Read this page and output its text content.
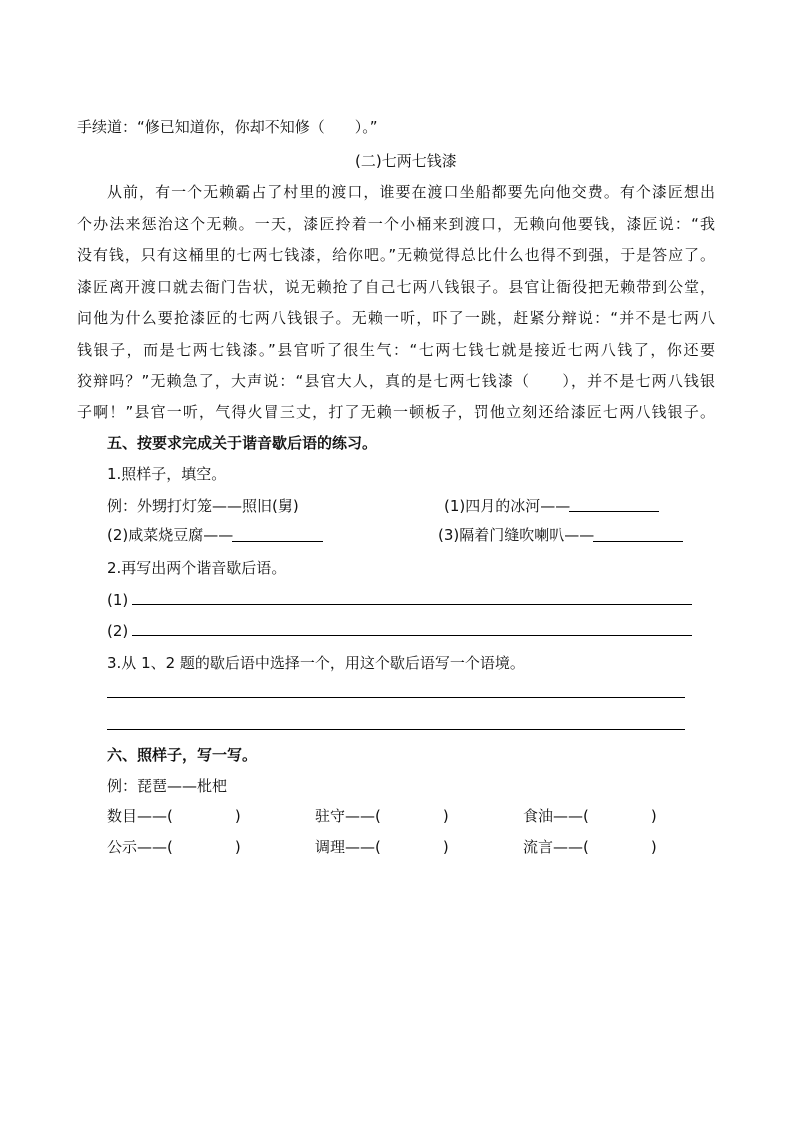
手续道：“修已知道你，你却不知修（　　）。”
(二)七两七钱漆
从前，有一个无赖霸占了村里的渡口，谁要在渡口坐船都要先向他交费。有个漆匠想出
个办法来惩治这个无赖。一天，漆匠拎着一个小桶来到渡口，无赖向他要钱，漆匠说：“我
没有钱，只有这桶里的七两七钱漆，给你吧。”无赖觉得总比什么也得不到强，于是答应了。
漆匠离开渡口就去衙门告状，说无赖抢了自己七两八钱银子。县官让衙役把无赖带到公堂，
问他为什么要抢漆匠的七两八钱银子。无赖一听，吓了一跳，赶紧分辩说：“并不是七两八
钱银子，而是七两七钱漆。”县官听了很生气：“七两七钱七就是接近七两八钱了，你还要
狡辩吗？”无赖急了，大声说：“县官大人，真的是七两七钱漆（　　），并不是七两八钱银
子啊！”县官一听，气得火冒三丈，打了无赖一顿板子，罚他立刻还给漆匠七两八钱银子。
五、按要求完成关于谐音歇后语的练习。
1.照样子，填空。
例：外甥打灯笼——照旧(舅)	(1)四月的冰河——
(2)咸菜烧豆腐——	(3)隔着门缝吹喇叭——
2.再写出两个谐音歇后语。
(1)
(2)
3.从 1、2 题的歇后语中选择一个，用这个歇后语写一个语境。
六、照样子，写一写。
例：琵琶——枇杷
数目——(	)	驻守——(	)	食油——(	)
公示——(	)	调理——(	)	流言——(	)
